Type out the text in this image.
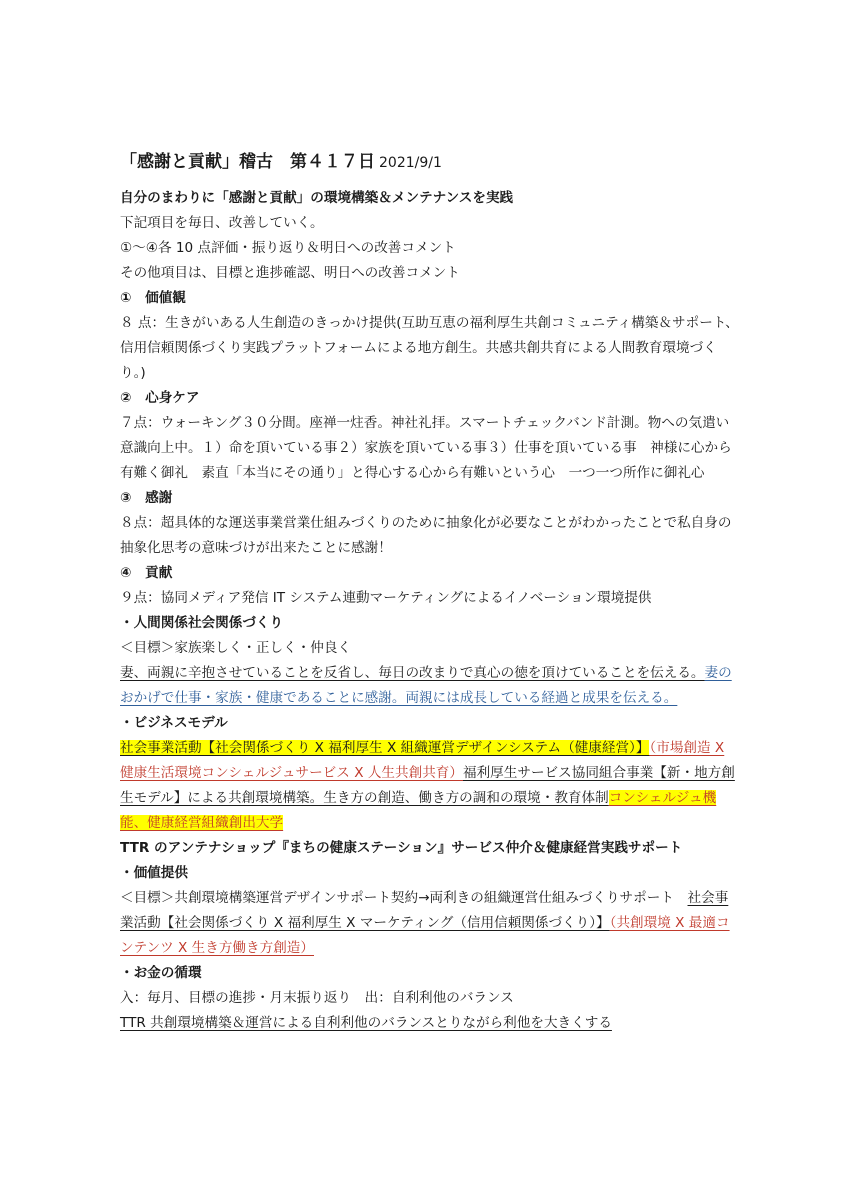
「感謝と貢献」稽古　第４１７日 2021/9/1

自分のまわりに「感謝と貢献」の環境構築＆メンテナンスを実践

下記項目を毎日、改善していく。

①〜④各 10 点評価・振り返り＆明日への改善コメント

その他項目は、目標と進捗確認、明日への改善コメント

①　価値観

８ 点：生きがいある人生創造のきっかけ提供(互助互恵の福利厚生共創コミュニティ構築＆サポート、信用信頼関係づくり実践プラットフォームによる地方創生。共感共創共育による人間教育環境づくり。)

②　心身ケア

７点：ウォーキング３０分間。座禅一炷香。神社礼拝。スマートチェックバンド計測。物への気遣い意識向上中。１）命を頂いている事２）家族を頂いている事３）仕事を頂いている事　神様に心から有難く御礼　素直「本当にその通り」と得心する心から有難いという心　一つ一つ所作に御礼心

③　感謝

８点：超具体的な運送事業営業仕組みづくりのために抽象化が必要なことがわかったことで私自身の抽象化思考の意味づけが出来たことに感謝！

④　貢献

９点：協同メディア発信 IT システム連動マーケティングによるイノベーション環境提供

・人間関係社会関係づくり

＜目標＞家族楽しく・正しく・仲良く

妻、両親に辛抱させていることを反省し、毎日の改まりで真心の徳を頂けていることを伝える。妻のおかげで仕事・家族・健康であることに感謝。両親には成長している経過と成果を伝える。

・ビジネスモデル

社会事業活動【社会関係づくり X 福利厚生 X 組織運営デザインシステム（健康経営）】（市場創造 X 健康生活環境コンシェルジュサービス X 人生共創共育）福利厚生サービス協同組合事業【新・地方創生モデル】による共創環境構築。生き方の創造、働き方の調和の環境・教育体制コンシェルジュ機能、健康経営組織創出大学

TTR のアンテナショップ『まちの健康ステーション』サービス仲介＆健康経営実践サポート

・価値提供

＜目標＞共創環境構築運営デザインサポート契約→両利きの組織運営仕組みづくりサポート　社会事業活動【社会関係づくり X 福利厚生 X マーケティング（信用信頼関係づくり）】（共創環境 X 最適コンテンツ X 生き方働き方創造）

・お金の循環

入：毎月、目標の進捗・月末振り返り　出：自利利他のバランス

TTR 共創環境構築＆運営による自利利他のバランスとりながら利他を大きくする
